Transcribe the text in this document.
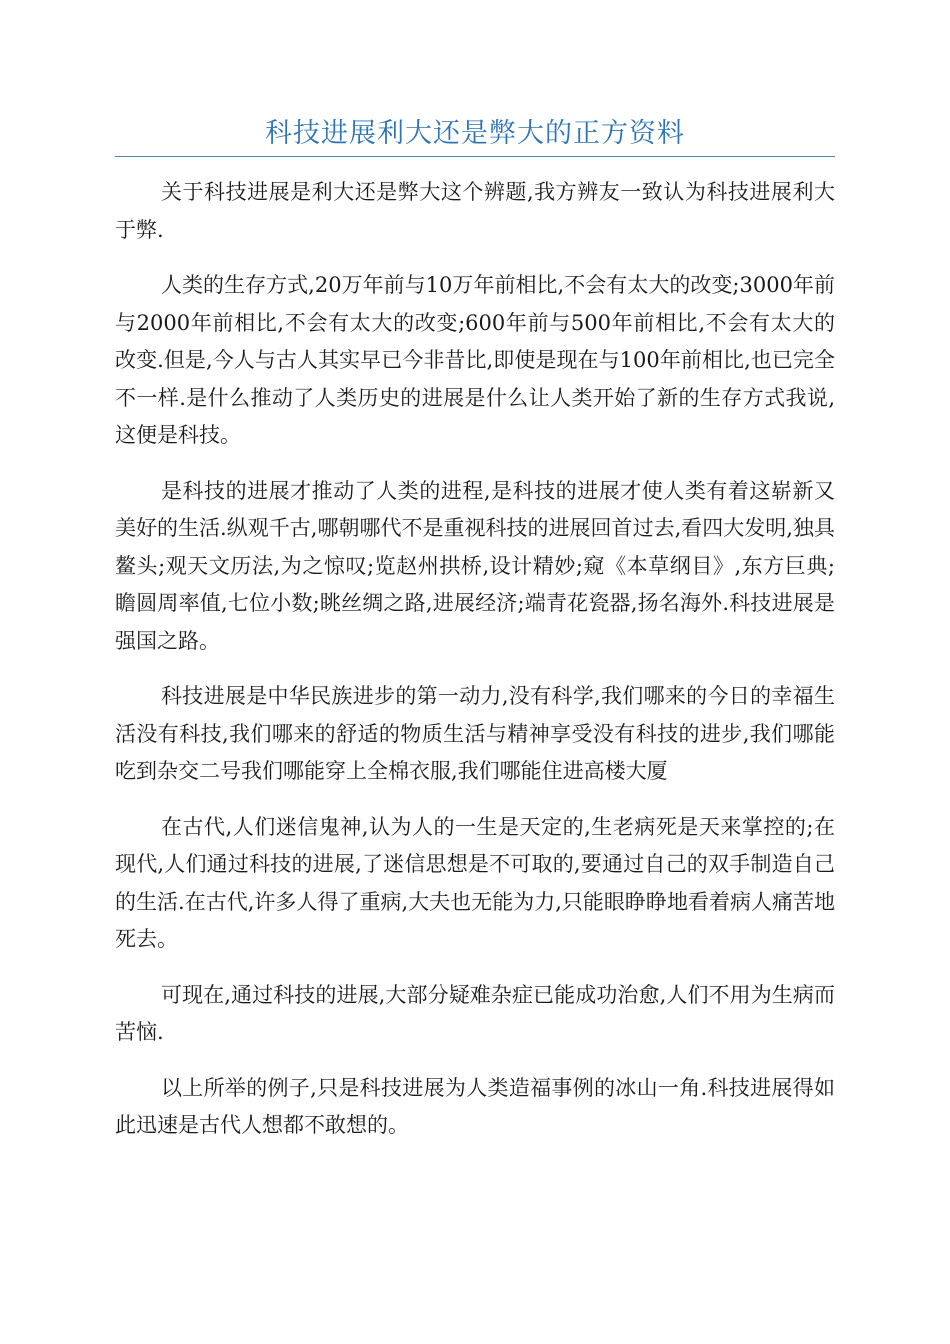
科技进展利大还是弊大的正方资料

关于科技进展是利大还是弊大这个辨题,我方辨友一致认为科技进展利大于弊.

人类的生存方式,20万年前与10万年前相比,不会有太大的改变;3000年前与2000年前相比,不会有太大的改变;600年前与500年前相比,不会有太大的改变.但是,今人与古人其实早已今非昔比,即使是现在与100年前相比,也已完全不一样.是什么推动了人类历史的进展是什么让人类开始了新的生存方式我说,这便是科技。

是科技的进展才推动了人类的进程,是科技的进展才使人类有着这崭新又美好的生活.纵观千古,哪朝哪代不是重视科技的进展回首过去,看四大发明,独具鳌头;观天文历法,为之惊叹;览赵州拱桥,设计精妙;窥《本草纲目》,东方巨典;瞻圆周率值,七位小数;眺丝绸之路,进展经济;端青花瓷器,扬名海外.科技进展是强国之路。

科技进展是中华民族进步的第一动力,没有科学,我们哪来的今日的幸福生活没有科技,我们哪来的舒适的物质生活与精神享受没有科技的进步,我们哪能吃到杂交二号我们哪能穿上全棉衣服,我们哪能住进高楼大厦

在古代,人们迷信鬼神,认为人的一生是天定的,生老病死是天来掌控的;在现代,人们通过科技的进展,了迷信思想是不可取的,要通过自己的双手制造自己的生活.在古代,许多人得了重病,大夫也无能为力,只能眼睁睁地看着病人痛苦地死去。

可现在,通过科技的进展,大部分疑难杂症已能成功治愈,人们不用为生病而苦恼.

以上所举的例子,只是科技进展为人类造福事例的冰山一角.科技进展得如此迅速是古代人想都不敢想的。
